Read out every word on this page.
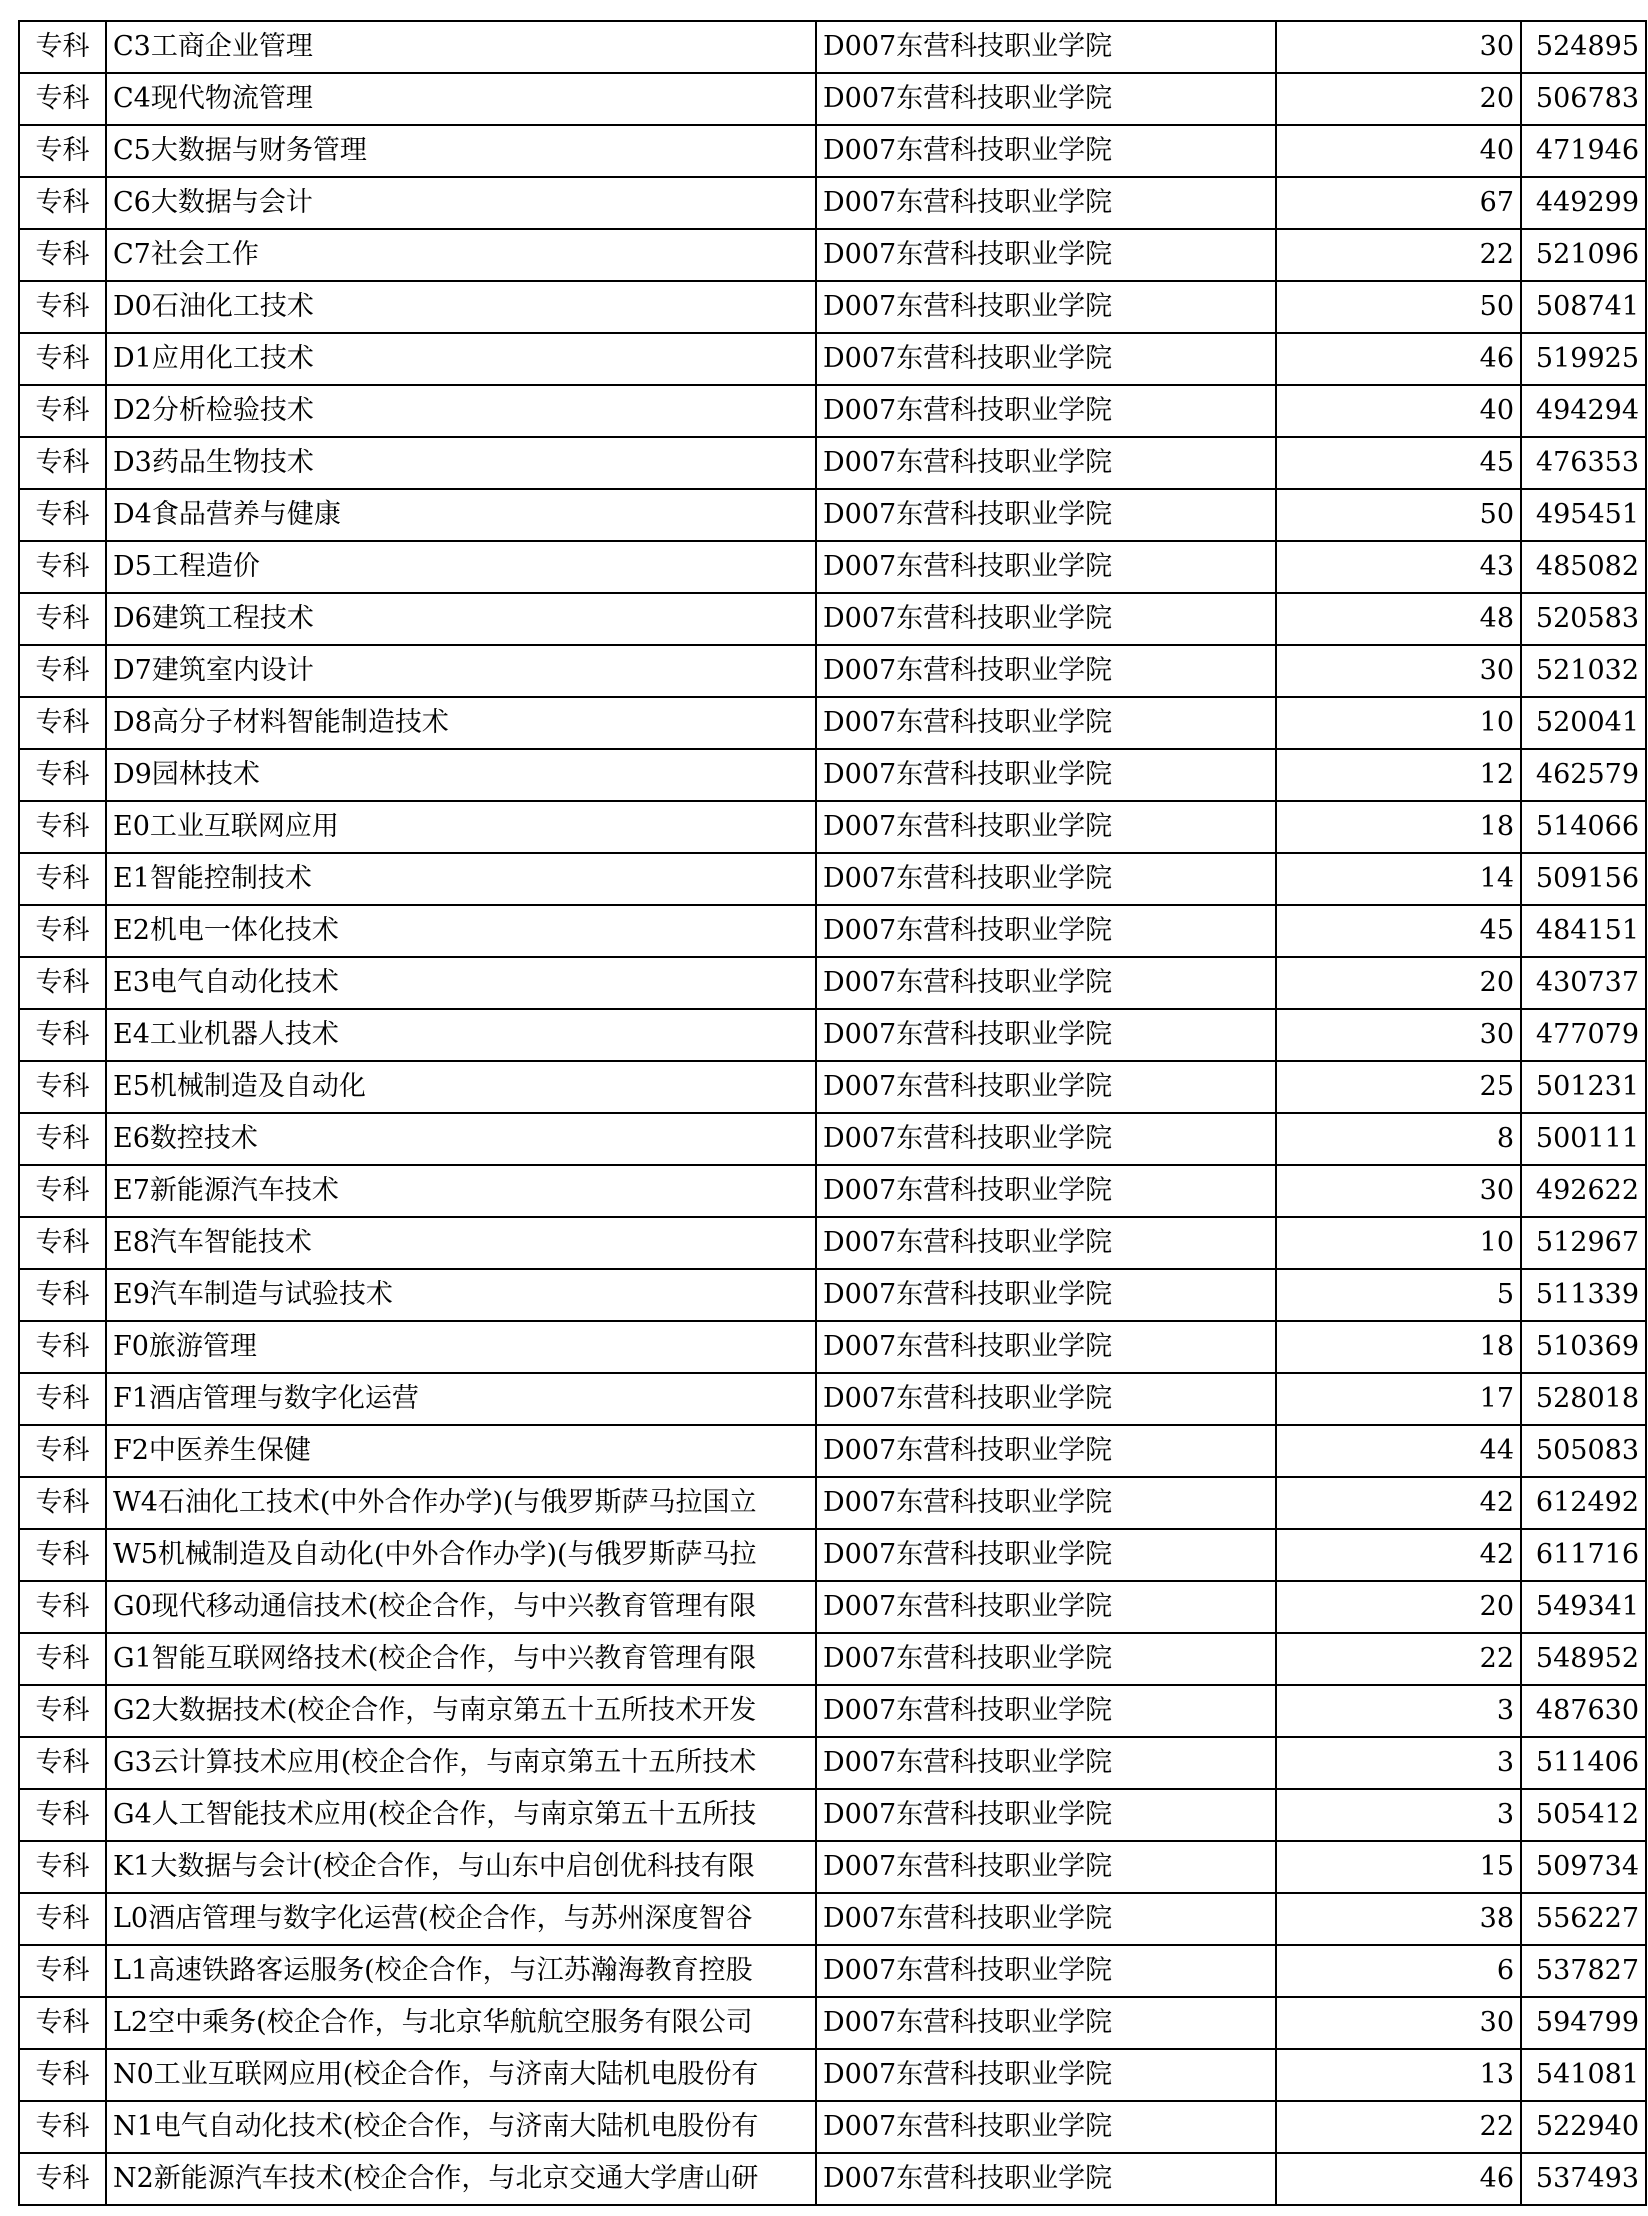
专科	C3工商企业管理	D007东营科技职业学院	30	524895
专科	C4现代物流管理	D007东营科技职业学院	20	506783
专科	C5大数据与财务管理	D007东营科技职业学院	40	471946
专科	C6大数据与会计	D007东营科技职业学院	67	449299
专科	C7社会工作	D007东营科技职业学院	22	521096
专科	D0石油化工技术	D007东营科技职业学院	50	508741
专科	D1应用化工技术	D007东营科技职业学院	46	519925
专科	D2分析检验技术	D007东营科技职业学院	40	494294
专科	D3药品生物技术	D007东营科技职业学院	45	476353
专科	D4食品营养与健康	D007东营科技职业学院	50	495451
专科	D5工程造价	D007东营科技职业学院	43	485082
专科	D6建筑工程技术	D007东营科技职业学院	48	520583
专科	D7建筑室内设计	D007东营科技职业学院	30	521032
专科	D8高分子材料智能制造技术	D007东营科技职业学院	10	520041
专科	D9园林技术	D007东营科技职业学院	12	462579
专科	E0工业互联网应用	D007东营科技职业学院	18	514066
专科	E1智能控制技术	D007东营科技职业学院	14	509156
专科	E2机电一体化技术	D007东营科技职业学院	45	484151
专科	E3电气自动化技术	D007东营科技职业学院	20	430737
专科	E4工业机器人技术	D007东营科技职业学院	30	477079
专科	E5机械制造及自动化	D007东营科技职业学院	25	501231
专科	E6数控技术	D007东营科技职业学院	8	500111
专科	E7新能源汽车技术	D007东营科技职业学院	30	492622
专科	E8汽车智能技术	D007东营科技职业学院	10	512967
专科	E9汽车制造与试验技术	D007东营科技职业学院	5	511339
专科	F0旅游管理	D007东营科技职业学院	18	510369
专科	F1酒店管理与数字化运营	D007东营科技职业学院	17	528018
专科	F2中医养生保健	D007东营科技职业学院	44	505083
专科	W4石油化工技术(中外合作办学)(与俄罗斯萨马拉国立	D007东营科技职业学院	42	612492
专科	W5机械制造及自动化(中外合作办学)(与俄罗斯萨马拉	D007东营科技职业学院	42	611716
专科	G0现代移动通信技术(校企合作，与中兴教育管理有限	D007东营科技职业学院	20	549341
专科	G1智能互联网络技术(校企合作，与中兴教育管理有限	D007东营科技职业学院	22	548952
专科	G2大数据技术(校企合作，与南京第五十五所技术开发	D007东营科技职业学院	3	487630
专科	G3云计算技术应用(校企合作，与南京第五十五所技术	D007东营科技职业学院	3	511406
专科	G4人工智能技术应用(校企合作，与南京第五十五所技	D007东营科技职业学院	3	505412
专科	K1大数据与会计(校企合作，与山东中启创优科技有限	D007东营科技职业学院	15	509734
专科	L0酒店管理与数字化运营(校企合作，与苏州深度智谷	D007东营科技职业学院	38	556227
专科	L1高速铁路客运服务(校企合作，与江苏瀚海教育控股	D007东营科技职业学院	6	537827
专科	L2空中乘务(校企合作，与北京华航航空服务有限公司	D007东营科技职业学院	30	594799
专科	N0工业互联网应用(校企合作，与济南大陆机电股份有	D007东营科技职业学院	13	541081
专科	N1电气自动化技术(校企合作，与济南大陆机电股份有	D007东营科技职业学院	22	522940
专科	N2新能源汽车技术(校企合作，与北京交通大学唐山研	D007东营科技职业学院	46	537493
